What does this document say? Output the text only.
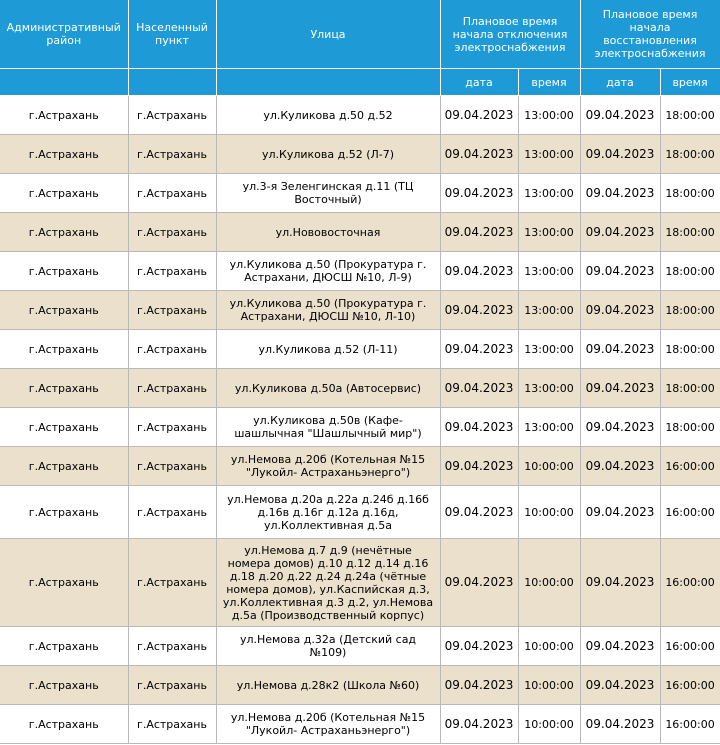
Административный район	Населенный пункт	Улица	Плановое время начала отключения электроснабжения		Плановое время начала восстановления электроснабжения	
			дата	время	дата	время
г.Астрахань	г.Астрахань	ул.Куликова д.50 д.52	09.04.2023	13:00:00	09.04.2023	18:00:00
г.Астрахань	г.Астрахань	ул.Куликова д.52 (Л-7)	09.04.2023	13:00:00	09.04.2023	18:00:00
г.Астрахань	г.Астрахань	ул.3-я Зеленгинская д.11 (ТЦ Восточный)	09.04.2023	13:00:00	09.04.2023	18:00:00
г.Астрахань	г.Астрахань	ул.Нововосточная	09.04.2023	13:00:00	09.04.2023	18:00:00
г.Астрахань	г.Астрахань	ул.Куликова д.50 (Прокуратура г. Астрахани, ДЮСШ №10, Л-9)	09.04.2023	13:00:00	09.04.2023	18:00:00
г.Астрахань	г.Астрахань	ул.Куликова д.50 (Прокуратура г. Астрахани, ДЮСШ №10, Л-10)	09.04.2023	13:00:00	09.04.2023	18:00:00
г.Астрахань	г.Астрахань	ул.Куликова д.52 (Л-11)	09.04.2023	13:00:00	09.04.2023	18:00:00
г.Астрахань	г.Астрахань	ул.Куликова д.50а (Автосервис)	09.04.2023	13:00:00	09.04.2023	18:00:00
г.Астрахань	г.Астрахань	ул.Куликова д.50в (Кафе-шашлычная "Шашлычный мир")	09.04.2023	13:00:00	09.04.2023	18:00:00
г.Астрахань	г.Астрахань	ул.Немова д.20б (Котельная №15 "Лукойл- Астраханьэнерго")	09.04.2023	10:00:00	09.04.2023	16:00:00
г.Астрахань	г.Астрахань	ул.Немова д.20а д.22а д.24б д.16б д.16в д.16г д.12а д.16д, ул.Коллективная д.5а	09.04.2023	10:00:00	09.04.2023	16:00:00
г.Астрахань	г.Астрахань	ул.Немова д.7 д.9 (нечётные номера домов) д.10 д.12 д.14 д.16 д.18 д.20 д.22 д.24 д.24а (чётные номера домов), ул.Каспийская д.3, ул.Коллективная д.3 д.2, ул.Немова д.5а (Производственный корпус)	09.04.2023	10:00:00	09.04.2023	16:00:00
г.Астрахань	г.Астрахань	ул.Немова д.32а (Детский сад №109)	09.04.2023	10:00:00	09.04.2023	16:00:00
г.Астрахань	г.Астрахань	ул.Немова д.28к2 (Школа №60)	09.04.2023	10:00:00	09.04.2023	16:00:00
г.Астрахань	г.Астрахань	ул.Немова д.20б (Котельная №15 "Лукойл- Астраханьэнерго")	09.04.2023	10:00:00	09.04.2023	16:00:00
